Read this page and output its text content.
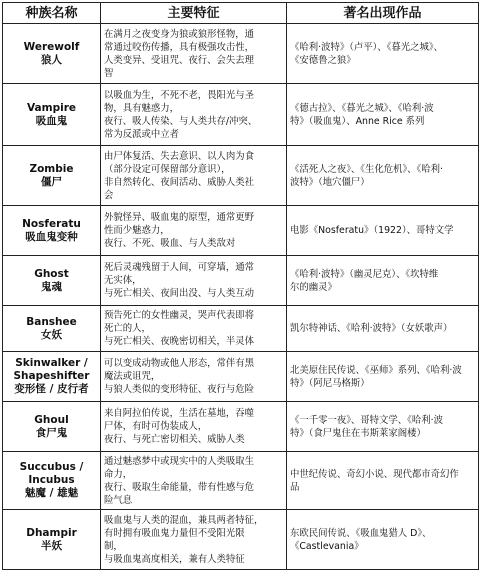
种族名称	主要特征	著名出现作品

Werewolf
狼人	在满月之夜变身为狼或狼形怪物，通
常通过咬伤传播，具有极强攻击性，
人类变异、受诅咒、夜行、会失去理
智	《哈利·波特》（卢平）、《暮光之城》、
《安德鲁之狼》

Vampire
吸血鬼	以吸血为生，不死不老，畏阳光与圣
物，具有魅惑力，
夜行、吸人传染、与人类共存/冲突、
常为反派或中立者	《德古拉》、《暮光之城》、《哈利·波
特》（吸血鬼）、Anne Rice 系列

Zombie
僵尸	由尸体复活、失去意识、以人肉为食
（部分设定可保留部分意识），
非自然转化、夜间活动、威胁人类社
会	《活死人之夜》、《生化危机》、《哈利·
波特》（地穴僵尸）

Nosferatu
吸血鬼变种	外貌怪异、吸血鬼的原型，通常更野
性而少魅惑力，
夜行、不死、吸血、与人类敌对	电影《Nosferatu》（1922）、哥特文学

Ghost
鬼魂	死后灵魂残留于人间，可穿墙，通常
无实体，
与死亡相关、夜间出没、与人类互动	《哈利·波特》（幽灵尼克）、《坎特维
尔的幽灵》

Banshee
女妖	预告死亡的女性幽灵，哭声代表即将
死亡的人，
与死亡相关、夜晚密切相关，半灵体	凯尔特神话、《哈利·波特》（女妖歌声）

Skinwalker /
Shapeshifter
变形怪 / 皮行者	可以变成动物或他人形态，常伴有黑
魔法或诅咒，
与狼人类似的变形特征、夜行与危险	北美原住民传说、《巫师》系列、《哈利·波
特》（阿尼马格斯）

Ghoul
食尸鬼	来自阿拉伯传说，生活在墓地，吞噬
尸体，有时可伪装成人，
夜行、与死亡密切相关、威胁人类	《一千零一夜》、哥特文学、《哈利·波
特》（食尸鬼住在韦斯莱家阁楼）

Succubus /
Incubus
魅魔 / 雄魅	通过魅惑梦中或现实中的人类吸取生
命力，
夜行、吸取生命能量，带有性感与危
险气息	中世纪传说、奇幻小说、现代都市奇幻作
品

Dhampir
半妖	吸血鬼与人类的混血，兼具两者特征，
有时拥有吸血鬼力量但不受阳光限
制，
与吸血鬼高度相关，兼有人类特征	东欧民间传说、《吸血鬼猎人 D》、
《Castlevania》
